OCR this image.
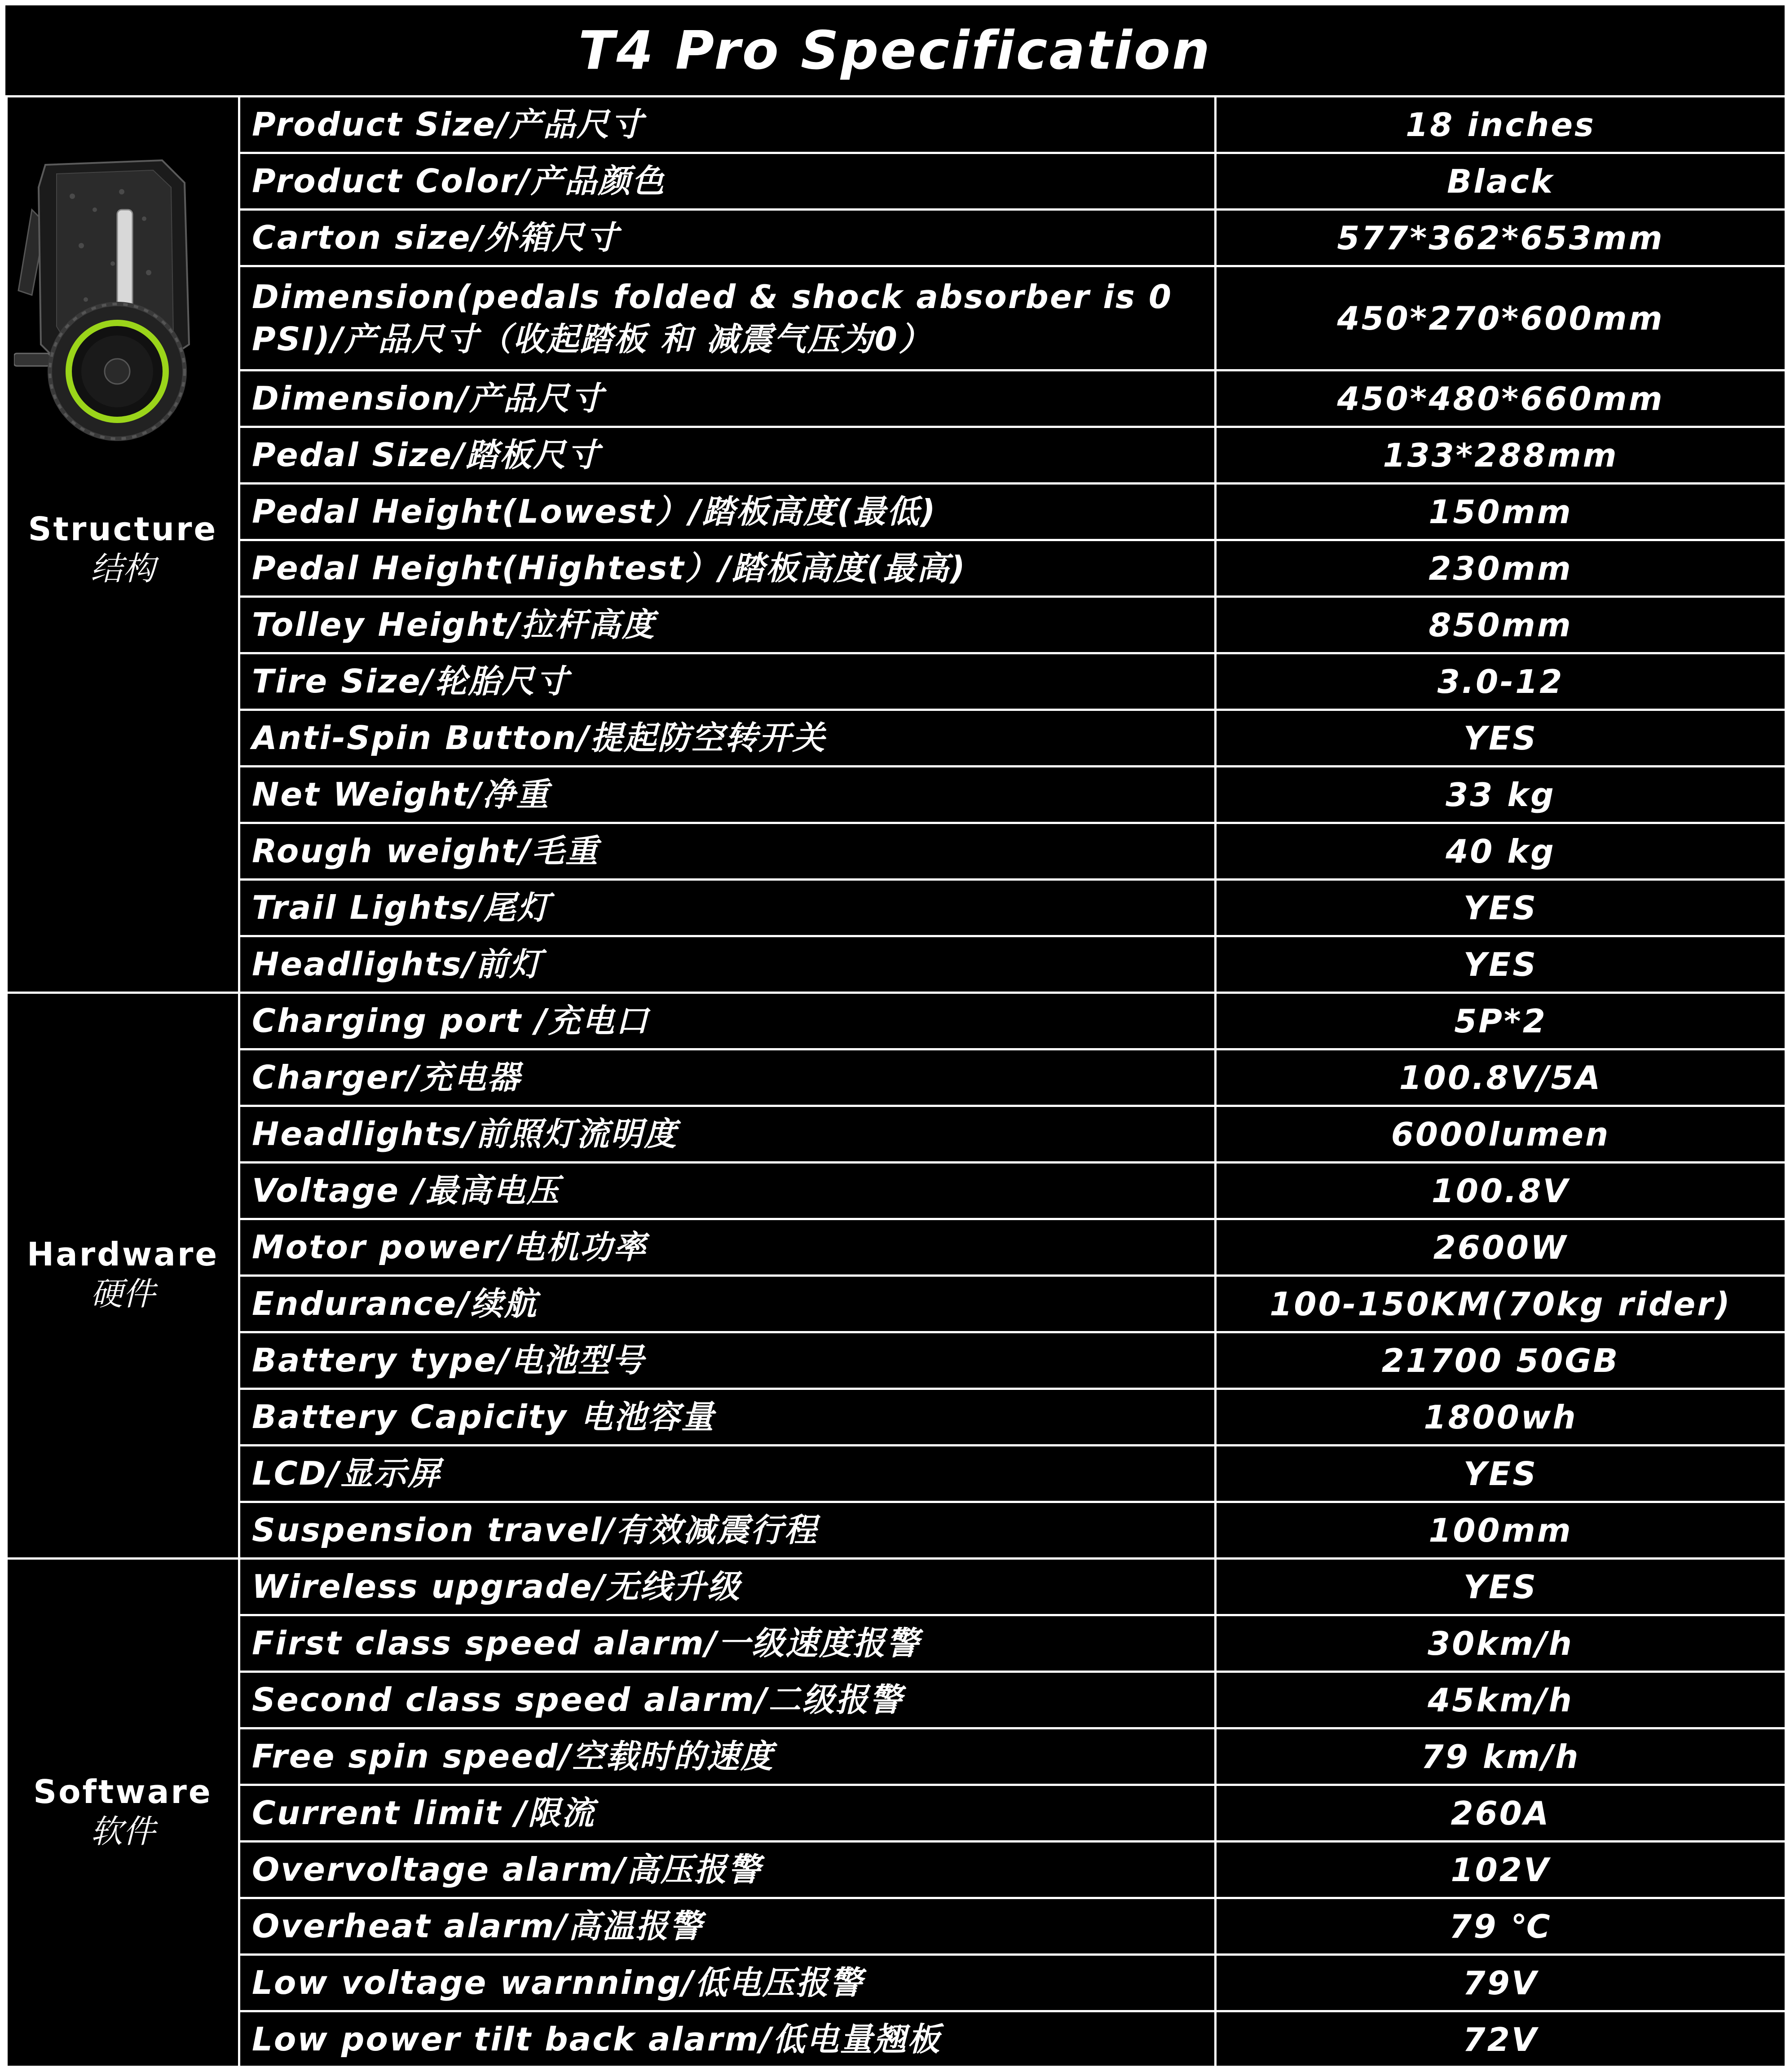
T4 Pro Specification
Structure
结构	Product Size/产品尺寸	18 inches
	Product Color/产品颜色	Black
	Carton size/外箱尺寸	577*362*653mm
	Dimension(pedals folded & shock absorber is 0 PSI)/产品尺寸（收起踏板 和 减震气压为0）	450*270*600mm
	Dimension/产品尺寸	450*480*660mm
	Pedal Size/踏板尺寸	133*288mm
	Pedal Height(Lowest）/踏板高度(最低)	150mm
	Pedal Height(Hightest）/踏板高度(最高)	230mm
	Tolley Height/拉杆高度	850mm
	Tire Size/轮胎尺寸	3.0-12
	Anti-Spin Button/提起防空转开关	YES
	Net Weight/净重	33 kg
	Rough weight/毛重	40 kg
	Trail Lights/尾灯	YES
	Headlights/前灯	YES

Hardware
硬件	Charging port /充电口	5P*2
	Charger/充电器	100.8V/5A
	Headlights/前照灯流明度	6000lumen
	Voltage /最高电压	100.8V
	Motor power/电机功率	2600W
	Endurance/续航	100-150KM(70kg rider)
	Battery type/电池型号	21700 50GB
	Battery Capicity 电池容量	1800wh
	LCD/显示屏	YES
	Suspension travel/有效减震行程	100mm

Software
软件	Wireless upgrade/无线升级	YES
	First class speed alarm/一级速度报警	30km/h
	Second class speed alarm/二级报警	45km/h
	Free spin speed/空载时的速度	79 km/h
	Current limit /限流	260A
	Overvoltage alarm/高压报警	102V
	Overheat alarm/高温报警	79 ℃
	Low voltage warnning/低电压报警	79V
	Low power tilt back alarm/低电量翘板	72V
